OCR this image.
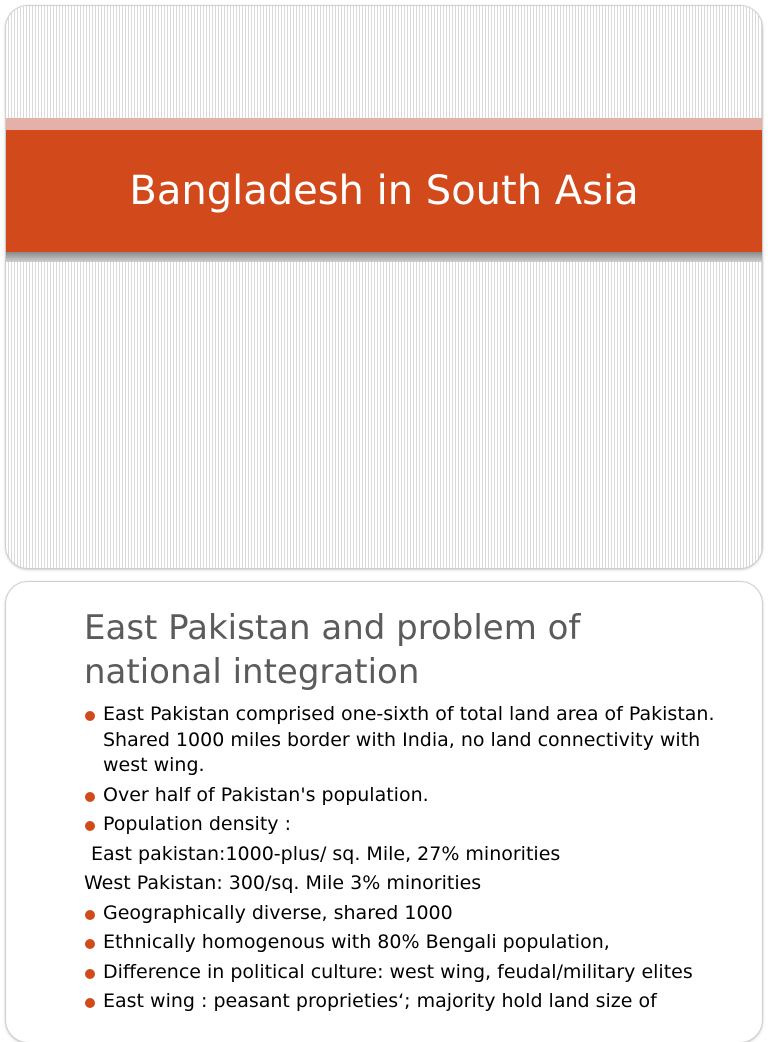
Bangladesh in South Asia
East Pakistan and problem of national integration
East Pakistan comprised one-sixth of total land area of Pakistan. Shared 1000 miles border with India, no land connectivity with west wing.
Over half of Pakistan's population.
Population density :
East pakistan:1000-plus/ sq. Mile, 27% minorities
West Pakistan: 300/sq. Mile 3% minorities
Geographically diverse, shared 1000
Ethnically homogenous with 80% Bengali population,
Difference in political culture: west wing, feudal/military elites
East wing : peasant proprieties‘; majority hold land size of
